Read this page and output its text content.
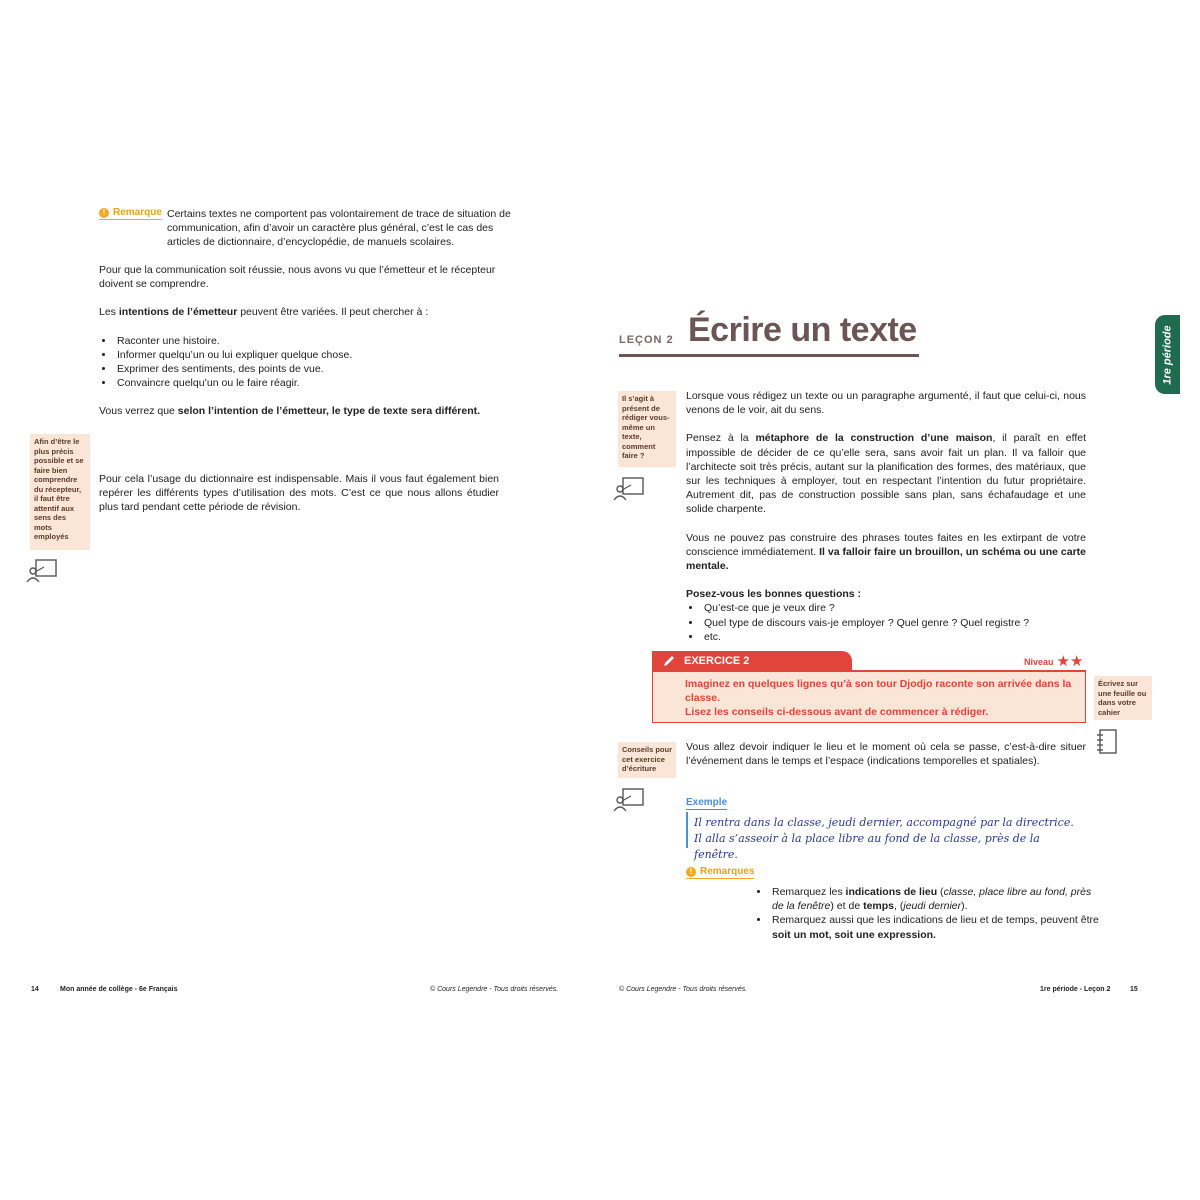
! Remarque Certains textes ne comportent pas volontairement de trace de situation de communication, afin d’avoir un caractère plus général, c’est le cas des articles de dictionnaire, d’encyclopédie, de manuels scolaires.

Pour que la communication soit réussie, nous avons vu que l’émetteur et le récepteur doivent se comprendre.

Les intentions de l’émetteur peuvent être variées. Il peut chercher à :

• Raconter une histoire.
• Informer quelqu’un ou lui expliquer quelque chose.
• Exprimer des sentiments, des points de vue.
• Convaincre quelqu’un ou le faire réagir.

Vous verrez que selon l’intention de l’émetteur, le type de texte sera différent.

Afin d’être le plus précis possible et se faire bien comprendre du récepteur, il faut être attentif aux sens des mots employés
Pour cela l’usage du dictionnaire est indispensable. Mais il vous faut également bien repérer les différents types d’utilisation des mots. C’est ce que nous allons étudier plus tard pendant cette période de révision.
LEÇON 2 Écrire un texte	1re période
Il s’agit à présent de rédiger vous-même un texte, comment faire ?

Lorsque vous rédigez un texte ou un paragraphe argumenté, il faut que celui-ci, nous venons de le voir, ait du sens.

Pensez à la métaphore de la construction d’une maison, il paraît en effet impossible de décider de ce qu’elle sera, sans avoir fait un plan. Il va falloir que l’architecte soit très précis, autant sur la planification des formes, des matériaux, que sur les techniques à employer, tout en respectant l’intention du futur propriétaire. Autrement dit, pas de construction possible sans plan, sans échafaudage et une solide charpente.

Vous ne pouvez pas construire des phrases toutes faites en les extirpant de votre conscience immédiatement. Il va falloir faire un brouillon, un schéma ou une carte mentale.

Posez-vous les bonnes questions :
• Qu’est-ce que je veux dire ?
• Quel type de discours vais-je employer ? Quel genre ? Quel registre ?
• etc.
EXERCICE 2	Niveau ★ ★
Imaginez en quelques lignes qu’à son tour Djodjo raconte son arrivée dans la classe.
Lisez les conseils ci-dessous avant de commencer à rédiger.
Écrivez sur une feuille ou dans votre cahier
Conseils pour cet exercice d’écriture
Vous allez devoir indiquer le lieu et le moment où cela se passe, c’est-à-dire situer l’événement dans le temps et l’espace (indications temporelles et spatiales).
Exemple
Il rentra dans la classe, jeudi dernier, accompagné par la directrice. Il alla s’asseoir à la place libre au fond de la classe, près de la fenêtre.
! Remarques
• Remarquez les indications de lieu (classe, place libre au fond, près de la fenêtre) et de temps, (jeudi dernier).
• Remarquez aussi que les indications de lieu et de temps, peuvent être soit un mot, soit une expression.
14	Mon année de collège - 6e Français	© Cours Legendre - Tous droits réservés.	© Cours Legendre - Tous droits réservés.	1re période - Leçon 2	15
